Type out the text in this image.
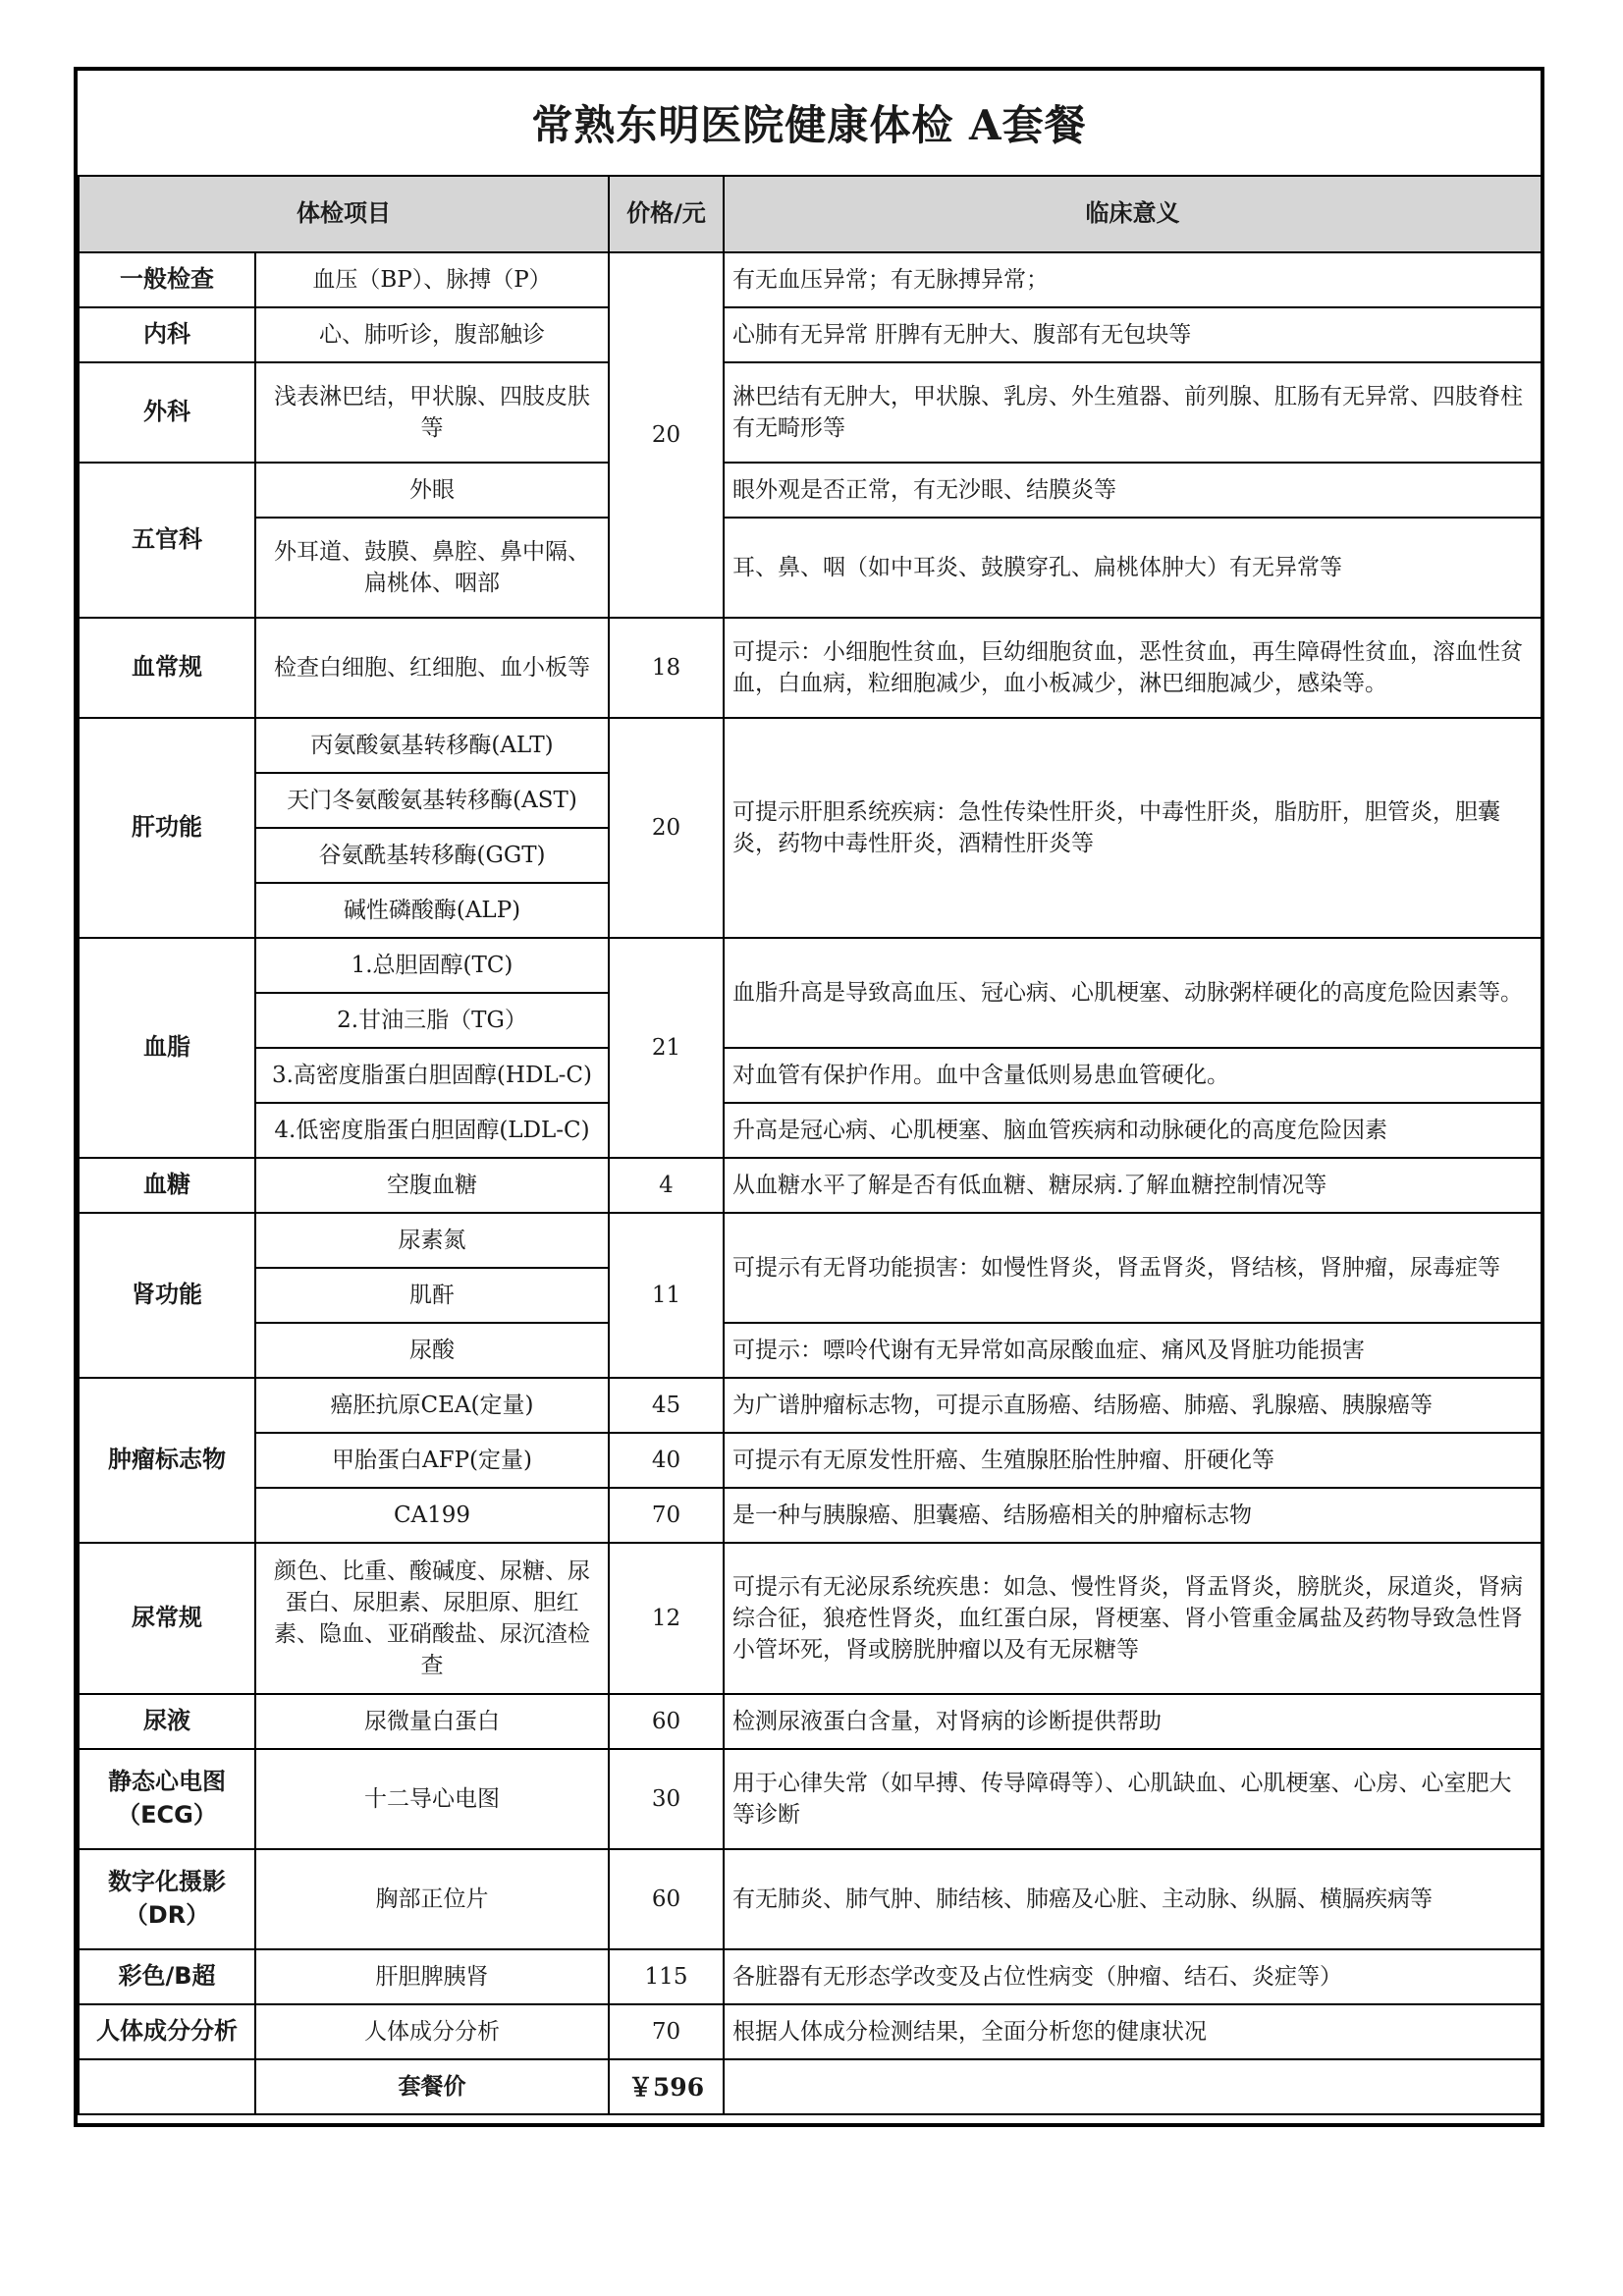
常熟东明医院健康体检 A套餐
体检项目		价格/元	临床意义
一般检查	血压（BP）、脉搏（P）	20	有无血压异常；有无脉搏异常；
内科	心、肺听诊，腹部触诊		心肺有无异常 肝脾有无肿大、腹部有无包块等
外科	浅表淋巴结，甲状腺、四肢皮肤等		淋巴结有无肿大，甲状腺、乳房、外生殖器、前列腺、肛肠有无异常、四肢脊柱有无畸形等
五官科	外眼		眼外观是否正常，有无沙眼、结膜炎等
	外耳道、鼓膜、鼻腔、鼻中隔、扁桃体、咽部		耳、鼻、咽（如中耳炎、鼓膜穿孔、扁桃体肿大）有无异常等
血常规	检查白细胞、红细胞、血小板等	18	可提示：小细胞性贫血，巨幼细胞贫血，恶性贫血，再生障碍性贫血，溶血性贫血，白血病，粒细胞减少，血小板减少，淋巴细胞减少，感染等。
肝功能	丙氨酸氨基转移酶(ALT)	20	可提示肝胆系统疾病：急性传染性肝炎，中毒性肝炎，脂肪肝，胆管炎，胆囊炎，药物中毒性肝炎，酒精性肝炎等
	天门冬氨酸氨基转移酶(AST)		
	谷氨酰基转移酶(GGT)		
	碱性磷酸酶(ALP)		
血脂	1.总胆固醇(TC)	21	血脂升高是导致高血压、冠心病、心肌梗塞、动脉粥样硬化的高度危险因素等。
	2.甘油三脂（TG）		
	3.高密度脂蛋白胆固醇(HDL-C)		对血管有保护作用。血中含量低则易患血管硬化。
	4.低密度脂蛋白胆固醇(LDL-C)		升高是冠心病、心肌梗塞、脑血管疾病和动脉硬化的高度危险因素
血糖	空腹血糖	4	从血糖水平了解是否有低血糖、糖尿病.了解血糖控制情况等
肾功能	尿素氮	11	可提示有无肾功能损害：如慢性肾炎，肾盂肾炎，肾结核，肾肿瘤，尿毒症等
	肌酐		
	尿酸		可提示：嘌呤代谢有无异常如高尿酸血症、痛风及肾脏功能损害
肿瘤标志物	癌胚抗原CEA(定量)	45	为广谱肿瘤标志物，可提示直肠癌、结肠癌、肺癌、乳腺癌、胰腺癌等
	甲胎蛋白AFP(定量)	40	可提示有无原发性肝癌、生殖腺胚胎性肿瘤、肝硬化等
	CA199	70	是一种与胰腺癌、胆囊癌、结肠癌相关的肿瘤标志物
尿常规	颜色、比重、酸碱度、尿糖、尿蛋白、尿胆素、尿胆原、胆红素、隐血、亚硝酸盐、尿沉渣检查	12	可提示有无泌尿系统疾患：如急、慢性肾炎，肾盂肾炎，膀胱炎，尿道炎，肾病综合征，狼疮性肾炎，血红蛋白尿，肾梗塞、肾小管重金属盐及药物导致急性肾小管坏死，肾或膀胱肿瘤以及有无尿糖等
尿液	尿微量白蛋白	60	检测尿液蛋白含量，对肾病的诊断提供帮助
静态心电图（ECG）	十二导心电图	30	用于心律失常（如早搏、传导障碍等）、心肌缺血、心肌梗塞、心房、心室肥大等诊断
数字化摄影（DR）	胸部正位片	60	有无肺炎、肺气肿、肺结核、肺癌及心脏、主动脉、纵膈、横膈疾病等
彩色/B超	肝胆脾胰肾	115	各脏器有无形态学改变及占位性病变（肿瘤、结石、炎症等）
人体成分分析	人体成分分析	70	根据人体成分检测结果，全面分析您的健康状况
	套餐价	￥596	
